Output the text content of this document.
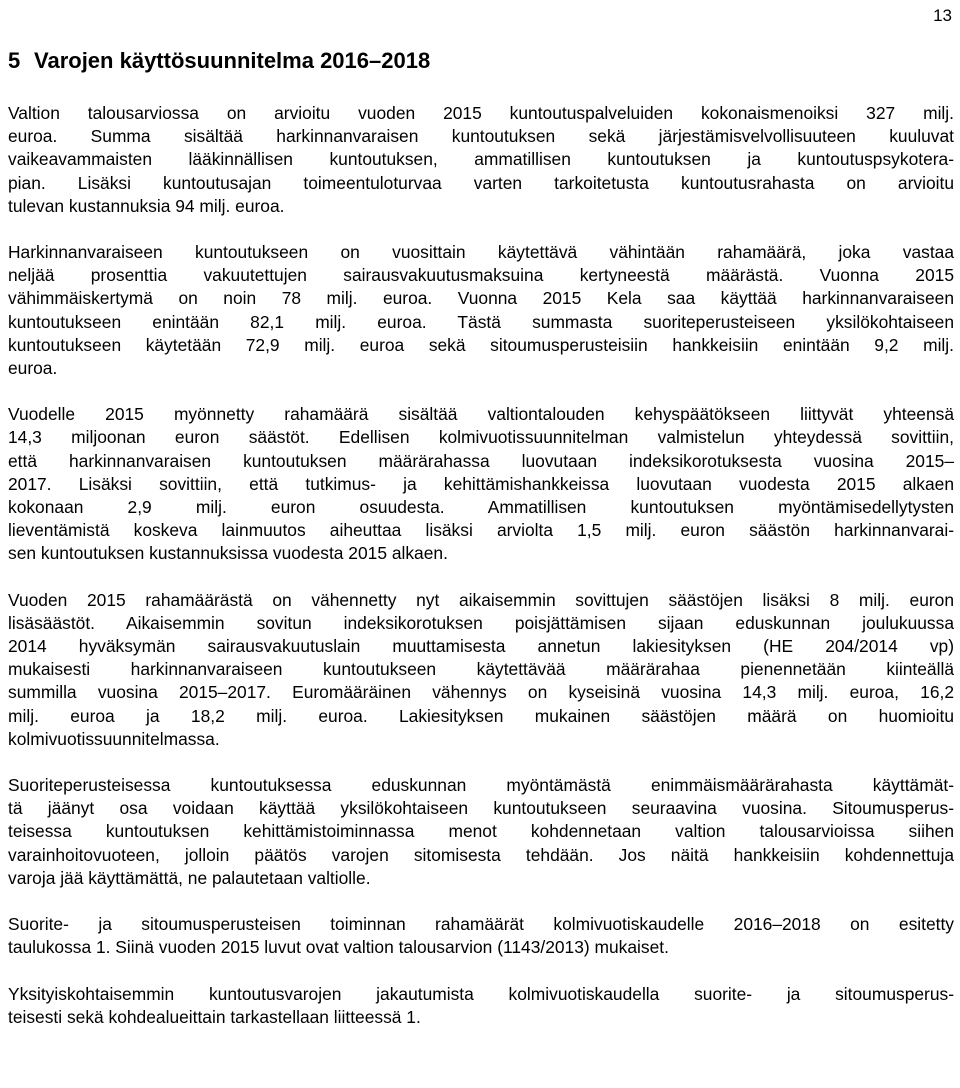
13
5 Varojen käyttösuunnitelma 2016–2018

Valtion talousarviossa on arvioitu vuoden 2015 kuntoutuspalveluiden kokonaismenoiksi 327 milj.
euroa. Summa sisältää harkinnanvaraisen kuntoutuksen sekä järjestämisvelvollisuuteen kuuluvat
vaikeavammaisten lääkinnällisen kuntoutuksen, ammatillisen kuntoutuksen ja kuntoutuspsykotera-
pian. Lisäksi kuntoutusajan toimeentuloturvaa varten tarkoitetusta kuntoutusrahasta on arvioitu
tulevan kustannuksia 94 milj. euroa.

Harkinnanvaraiseen kuntoutukseen on vuosittain käytettävä vähintään rahamäärä, joka vastaa
neljää prosenttia vakuutettujen sairausvakuutusmaksuina kertyneestä määrästä. Vuonna 2015
vähimmäiskertymä on noin 78 milj. euroa. Vuonna 2015 Kela saa käyttää harkinnanvaraiseen
kuntoutukseen enintään 82,1 milj. euroa. Tästä summasta suoriteperusteiseen yksilökohtaiseen
kuntoutukseen käytetään 72,9 milj. euroa sekä sitoumusperusteisiin hankkeisiin enintään 9,2 milj.
euroa.

Vuodelle 2015 myönnetty rahamäärä sisältää valtiontalouden kehyspäätökseen liittyvät yhteensä
14,3 miljoonan euron säästöt. Edellisen kolmivuotissuunnitelman valmistelun yhteydessä sovittiin,
että harkinnanvaraisen kuntoutuksen määrärahassa luovutaan indeksikorotuksesta vuosina 2015–
2017. Lisäksi sovittiin, että tutkimus- ja kehittämishankkeissa luovutaan vuodesta 2015 alkaen
kokonaan 2,9 milj. euron osuudesta. Ammatillisen kuntoutuksen myöntämisedellytysten
lieventämistä koskeva lainmuutos aiheuttaa lisäksi arviolta 1,5 milj. euron säästön harkinnanvarai-
sen kuntoutuksen kustannuksissa vuodesta 2015 alkaen.

Vuoden 2015 rahamäärästä on vähennetty nyt aikaisemmin sovittujen säästöjen lisäksi 8 milj. euron
lisäsäästöt. Aikaisemmin sovitun indeksikorotuksen poisjättämisen sijaan eduskunnan joulukuussa
2014 hyväksymän sairausvakuutuslain muuttamisesta annetun lakiesityksen (HE 204/2014 vp)
mukaisesti harkinnanvaraiseen kuntoutukseen käytettävää määrärahaa pienennetään kiinteällä
summilla vuosina 2015–2017. Euromääräinen vähennys on kyseisinä vuosina 14,3 milj. euroa, 16,2
milj. euroa ja 18,2 milj. euroa. Lakiesityksen mukainen säästöjen määrä on huomioitu
kolmivuotissuunnitelmassa.

Suoriteperusteisessa kuntoutuksessa eduskunnan myöntämästä enimmäismäärärahasta käyttämät-
tä jäänyt osa voidaan käyttää yksilökohtaiseen kuntoutukseen seuraavina vuosina. Sitoumusperus-
teisessa kuntoutuksen kehittämistoiminnassa menot kohdennetaan valtion talousarvioissa siihen
varainhoitovuoteen, jolloin päätös varojen sitomisesta tehdään. Jos näitä hankkeisiin kohdennettuja
varoja jää käyttämättä, ne palautetaan valtiolle.

Suorite- ja sitoumusperusteisen toiminnan rahamäärät kolmivuotiskaudelle 2016–2018 on esitetty
taulukossa 1. Siinä vuoden 2015 luvut ovat valtion talousarvion (1143/2013) mukaiset.

Yksityiskohtaisemmin kuntoutusvarojen jakautumista kolmivuotiskaudella suorite- ja sitoumusperus-
teisesti sekä kohdealueittain tarkastellaan liitteessä 1.
